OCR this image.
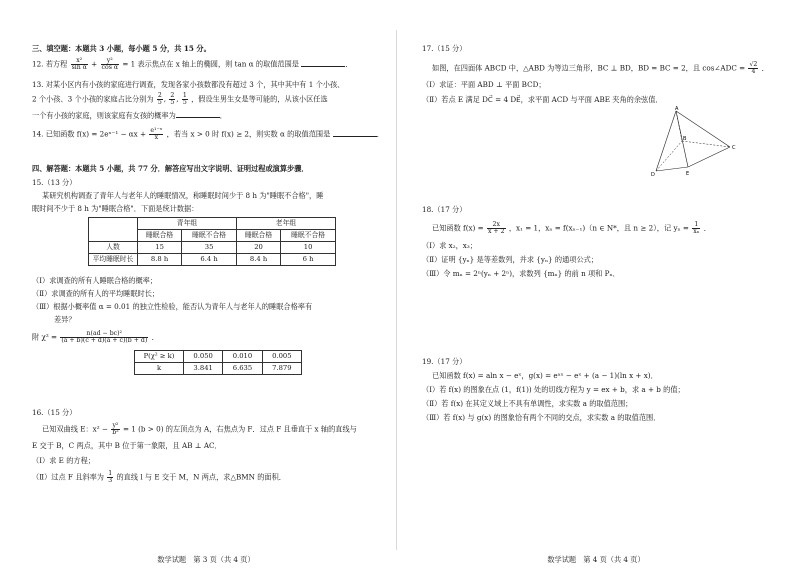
三、填空题：本题共 3 小题，每小题 5 分，共 15 分。
12. 若方程 $\frac{\text{x²}}{\text{sin α}} + \frac{\text{y²}}{\text{cos α}} = 1$ 表示焦点在 x 轴上的椭圆，则 tan α 的取值范围是	．
13. 对某小区内有小孩的家庭进行调查，发现各家小孩数都没有超过 3 个，其中其中有 1 个小孩、
2 个小孩、3 个小孩的家庭占比分别为 $\frac{2}{5}$ , $\frac{2}{5}$ , $\frac{1}{5}$ ，假设生男生女是等可能的，从该小区任选
一个有小孩的家庭，则该家庭有女孩的概率为	．
14. 已知函数 f(x) = 2eˣ⁻¹ − $\alpha x + \frac{\text{e¹⁻ˣ}}{x}$ ，若当 x > 0 时 f(x) ≥ 2，则实数 α 的取值范围是	．
四、解答题：本题共 5 小题，共 77 分．解答应写出文字说明、证明过程或演算步骤．
15.（13 分）
某研究机构调查了青年人与老年人的睡眠情况，称睡眠时间少于 8 h 为"睡眠不合格"，睡
眠时间不少于 8 h 为"睡眠合格"．下面是统计数据：
	青年组		老年组	
	睡眠合格	睡眠不合格	睡眠合格	睡眠不合格
人数	15	35	20	10
平均睡眠时长	8.8 h	6.4 h	8.4 h	6 h
（Ⅰ）求调查的所有人睡眠合格的概率；
（Ⅱ）求调查的所有人的平均睡眠时长；
（Ⅲ）根据小概率值 α = 0.01 的独立性检验，能否认为青年人与老年人的睡眠合格率有
差异？
附 $\chi^2 = \frac{\text{n(ad − bc)²}}{(a + b)(c + d)(a + c)(b + d)}$ ．
P(χ² ≥ k)	0.050	0.010	0.005
k	3.841	6.635	7.879
16.（15 分）
已知双曲线 E：$x^2 - \frac{\text{y²}}{\text{b²}} = 1$ (b > 0) 的左顶点为 A，右焦点为 F．过点 F 且垂直于 x 轴的直线与
E 交于 B，C 两点，其中 B 位于第一象限，且 AB ⊥ AC．
（Ⅰ）求 E 的方程；
（Ⅱ）过点 F 且斜率为 $\frac{1}{3}$ 的直线 l 与 E 交于 M，N 两点，求△BMN 的面积．
数学试题　第 3 页（共 4 页）
17.（15 分）
如图，在四面体 ABCD 中，△ABD 为等边三角形，BC ⊥ BD，BD = BC = 2，且 cos∠ADC = $\frac{√2}{4}$ ．
（Ⅰ）求证：平面 ABD ⊥ 平面 BCD；
（Ⅱ）若点 E 满足 DC⃗ = 4 DE⃗，求平面 ACD 与平面 ABE 夹角的余弦值．
A
B
C
D	E
18.（17 分）
已知函数 $f(x) = \frac{2x}{x + 2}$ ，x₁ = 1，xₙ = f(xₙ₋₁)（n ∈ N*，且 n ≥ 2），记 $y_n = \frac{1}{\text{xₙ}}$ ．
（Ⅰ）求 x₂，x₃；
（Ⅱ）证明 {yₙ} 是等差数列，并求 {yₙ} 的通项公式；
（Ⅲ）令 mₙ = 2ⁿ(yₙ + 2ⁿ)，求数列 {mₙ} 的前 n 项和 Pₙ．
19.（17 分）
已知函数 f(x) = aln x − eˣ，g(x) = eᵃˣ − eˣ + (a − 1)(ln x + x)．
（Ⅰ）若 f(x) 的图象在点 (1，f(1)) 处的切线方程为 y = ex + b，求 a + b 的值；
（Ⅱ）若 f(x) 在其定义域上不具有单调性，求实数 a 的取值范围；
（Ⅲ）若 f(x) 与 g(x) 的图象恰有两个不同的交点，求实数 a 的取值范围．
数学试题　第 4 页（共 4 页）
